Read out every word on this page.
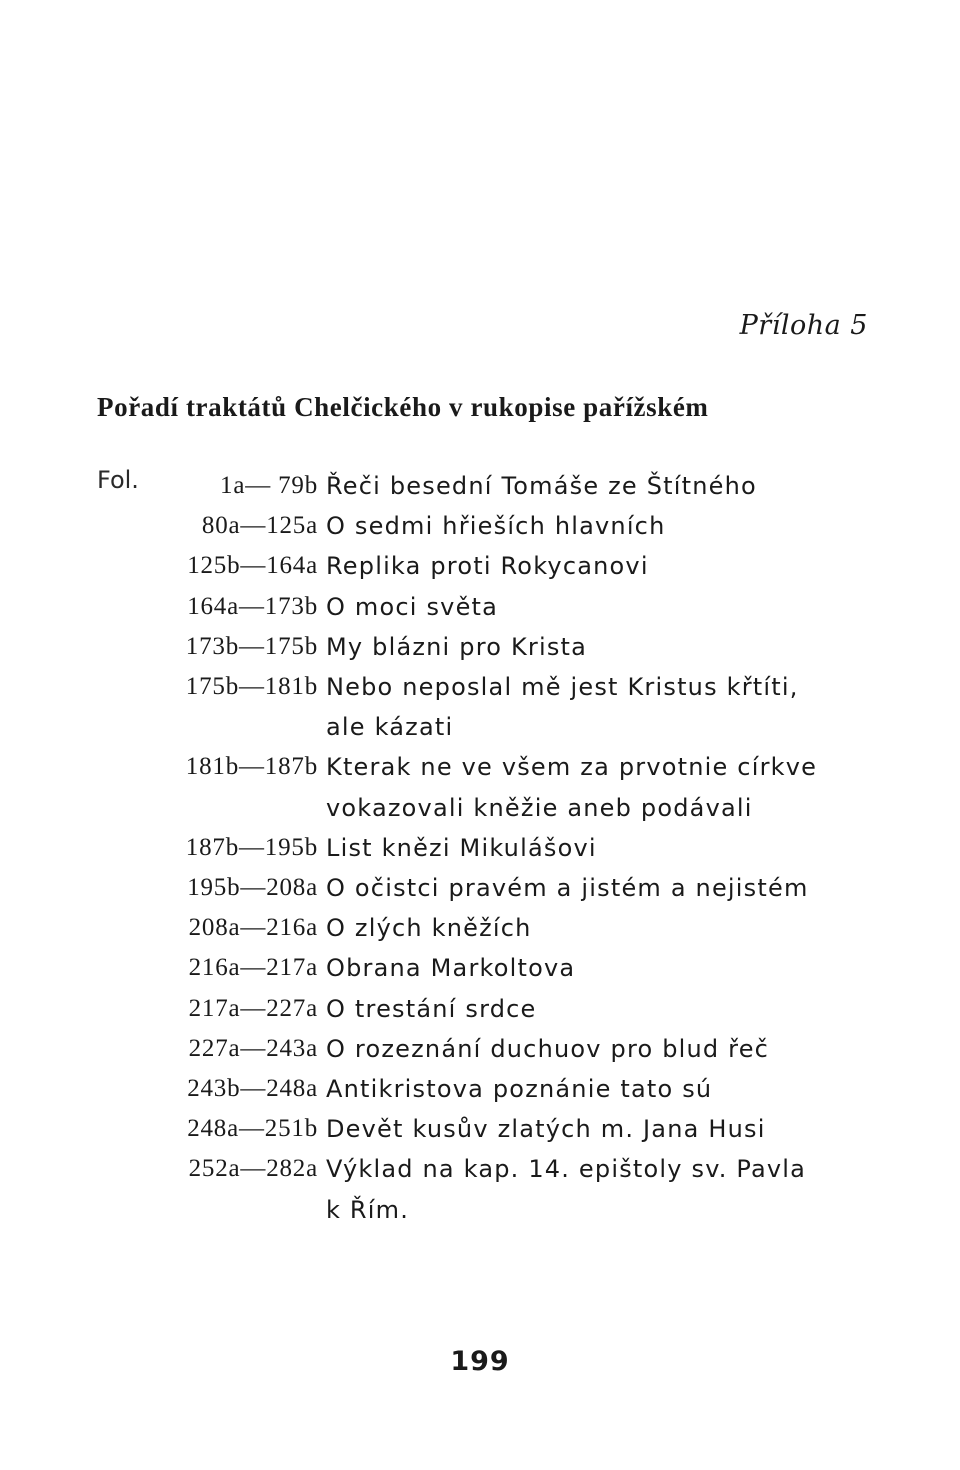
Příloha 5
Pořadí traktátů Chelčického v rukopise pařížském
Fol.	1a— 79b Řeči besední Tomáše ze Štítného
80a—125a O sedmi hřieších hlavních
125b—164a Replika proti Rokycanovi
164a—173b O moci světa
173b—175b My blázni pro Krista
175b—181b Nebo neposlal mě jest Kristus křtíti,
ale kázati
181b—187b Kterak ne ve všem za prvotnie církve
vokazovali kněžie aneb podávali
187b—195b List knězi Mikulášovi
195b—208a O očistci pravém a jistém a nejistém
208a—216a O zlých kněžích
216a—217a Obrana Markoltova
217a—227a O trestání srdce
227a—243a O rozeznání duchuov pro blud řeč
243b—248a Antikristova poznánie tato sú
248a—251b Devět kusův zlatých m. Jana Husi
252a—282a Výklad na kap. 14. epištoly sv. Pavla
k Řím.
199
